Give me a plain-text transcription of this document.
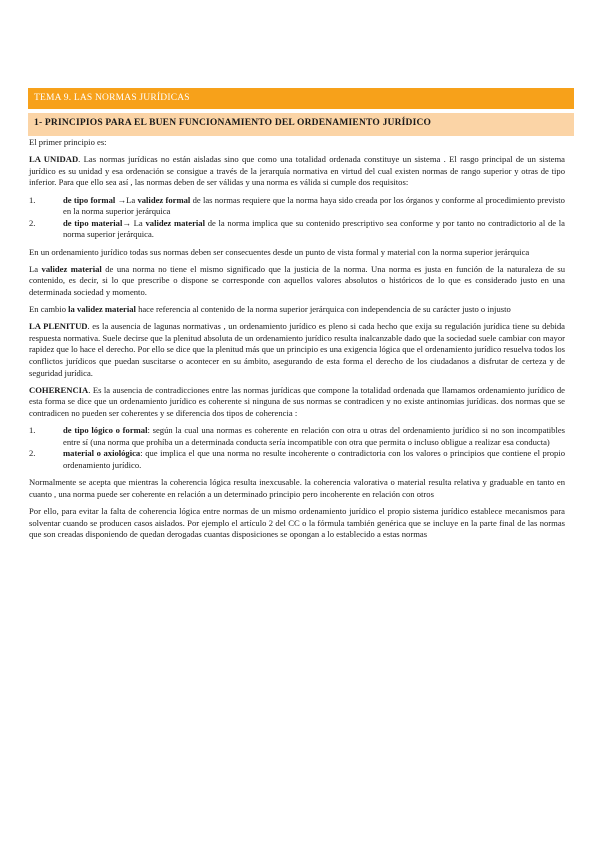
TEMA 9. LAS NORMAS JURÍDICAS
1- PRINCIPIOS PARA EL BUEN FUNCIONAMIENTO DEL ORDENAMIENTO JURÍDICO

El primer principio es:

LA UNIDAD. Las normas jurídicas no están aisladas sino que como una totalidad ordenada constituye un sistema . El rasgo principal de un sistema jurídico es su unidad y esa ordenación se consigue a través de la jerarquía normativa en virtud del cual existen normas de rango superior y otras de tipo inferior. Para que ello sea así , las normas deben de ser válidas y una norma es válida si cumple dos requisitos:

1.	de tipo formal →La validez formal de las normas requiere que la norma haya sido creada por los órganos y conforme al procedimiento previsto en la norma superior jerárquica
2.	de tipo material→ La validez material de la norma implica que su contenido prescriptivo sea conforme y por tanto no contradictorio al de la norma superior jerárquica.

En un ordenamiento jurídico todas sus normas deben ser consecuentes desde un punto de vista formal y material con la norma superior jerárquica

La validez material de una norma no tiene el mismo significado que la justicia de la norma. Una norma es justa en función de la naturaleza de su contenido, es decir, si lo que prescribe o dispone se corresponde con aquellos valores absolutos o históricos de lo que es considerado justo en una determinada sociedad y momento.

En cambio la validez material hace referencia al contenido de la norma superior jerárquica con independencia de su carácter justo o injusto

LA PLENITUD. es la ausencia de lagunas normativas , un ordenamiento jurídico es pleno si cada hecho que exija su regulación jurídica tiene su debida respuesta normativa. Suele decirse que la plenitud absoluta de un ordenamiento jurídico resulta inalcanzable dado que la sociedad suele cambiar con mayor rapidez que lo hace el derecho. Por ello se dice que la plenitud más que un principio es una exigencia lógica que el ordenamiento jurídico resuelva todos los conflictos jurídicos que puedan suscitarse o acontecer en su ámbito, asegurando de esta forma el derecho de los ciudadanos a disfrutar de certeza y de seguridad jurídica.

COHERENCIA. Es la ausencia de contradicciones entre las normas jurídicas que compone la totalidad ordenada que llamamos ordenamiento jurídico de esta forma se dice que un ordenamiento jurídico es coherente si ninguna de sus normas se contradicen y no existe antinomias jurídicas. dos normas que se contradicen no pueden ser coherentes y se diferencia dos tipos de coherencia :

1.	de tipo lógico o formal: según la cual una normas es coherente en relación con otra u otras del ordenamiento jurídico si no son incompatibles entre sí (una norma que prohíba un a determinada conducta sería incompatible con otra que permita o incluso obligue a realizar esa conducta)
2.	material o axiológica: que implica el que una norma no resulte incoherente o contradictoria con los valores o principios que contiene el propio ordenamiento jurídico.

Normalmente se acepta que mientras la coherencia lógica resulta inexcusable. la coherencia valorativa o material resulta relativa y graduable en tanto en cuanto , una norma puede ser coherente en relación a un determinado principio pero incoherente en relación con otros

Por ello, para evitar la falta de coherencia lógica entre normas de un mismo ordenamiento jurídico el propio sistema jurídico establece mecanismos para solventar cuando se producen casos aislados. Por ejemplo el artículo 2 del CC o la fórmula también genérica que se incluye en la parte final de las normas que son creadas disponiendo de quedan derogadas cuantas disposiciones se opongan a lo establecido a estas normas
